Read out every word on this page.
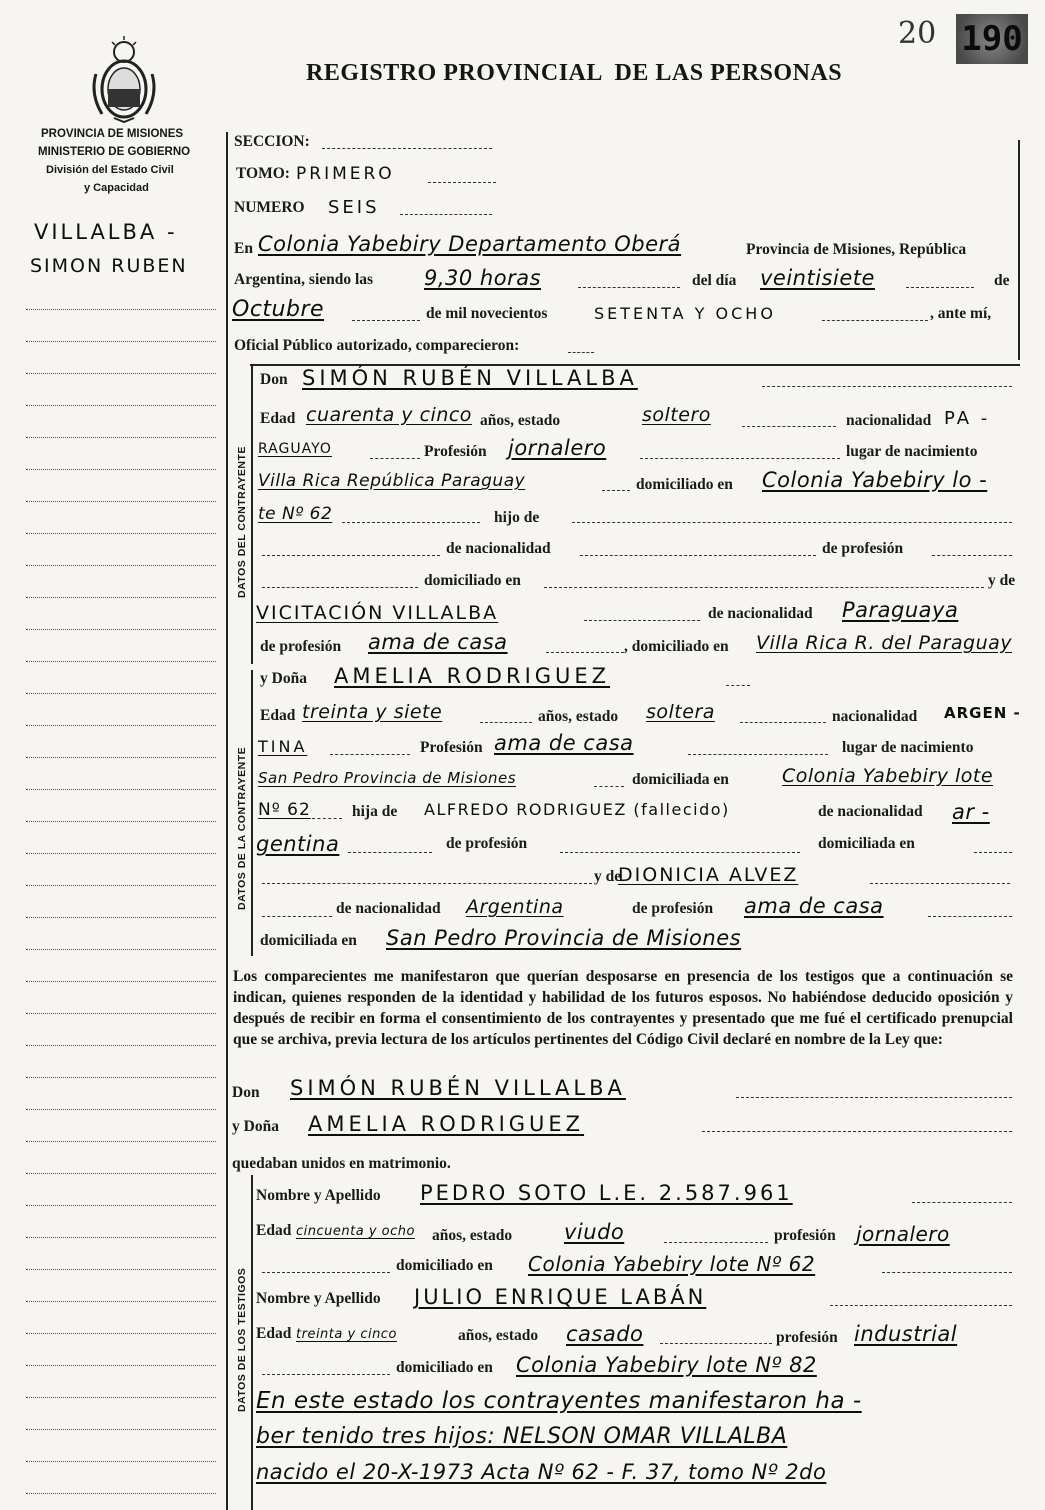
20 190
REGISTRO PROVINCIAL  DE LAS PERSONAS
PROVINCIA DE MISIONES
MINISTERIO DE GOBIERNO
División del Estado Civil
y Capacidad
VILLALBA -
SIMON RUBEN
SECCION:
TOMO: PRIMERO
NUMERO SEIS
En Colonia Yabebiry Departamento Oberá	Provincia de Misiones, República
Argentina, siendo las 9,30 horas	del día veintisiete	de
Octubre	de mil novecientos	SETENTA Y OCHO	, ante mí,
Oficial Público autorizado, comparecieron:
DATOS DEL CONTRAYENTE
Don SIMÓN RUBÉN VILLALBA
Edad cuarenta y cinco años, estado	soltero	nacionalidad PA -
RAGUAYO	Profesión jornalero	lugar de nacimiento
Villa Rica República Paraguay	domiciliado en Colonia Yabebiry lo -
te Nº 62	hijo de
de nacionalidad	de profesión
domiciliado en	y de
VICITACIÓN VILLALBA	de nacionalidad Paraguaya
de profesión ama de casa	, domiciliado en Villa Rica R. del Paraguay
DATOS DE LA CONTRAYENTE
y Doña AMELIA RODRIGUEZ
Edad treinta y siete	años, estado soltera	nacionalidad ARGEN -
TINA	Profesión ama de casa	lugar de nacimiento
San Pedro Provincia de Misiones	domiciliada en	Colonia Yabebiry lote
Nº 62	hija de ALFREDO RODRIGUEZ (fallecido)	de nacionalidad ar -
gentina	de profesión	domiciliada en
y de
DIONICIA ALVEZ
de nacionalidad Argentina	de profesión ama de casa
domiciliada en San Pedro Provincia de Misiones
Los comparecientes me manifestaron que querían desposarse en presencia de los testigos que a continuación se indican, quienes responden de la identidad y habilidad de los futuros esposos. No habiéndose deducido oposición y después de recibir en forma el consentimiento de los contrayentes y presentado que me fué el certificado prenupcial que se archiva, previa lectura de los artículos pertinentes del Código Civil declaré en nombre de la Ley que:
Don SIMÓN RUBÉN VILLALBA
y Doña AMELIA RODRIGUEZ
quedaban unidos en matrimonio.
DATOS DE LOS TESTIGOS
Nombre y Apellido PEDRO SOTO L.E. 2.587.961
Edad cincuenta y ocho años, estado viudo	profesión jornalero
domiciliado en Colonia Yabebiry lote Nº 62
Nombre y Apellido JULIO ENRIQUE LABÁN
Edad treinta y cinco	años, estado casado	profesión industrial
domiciliado en Colonia Yabebiry lote Nº 82
En este estado los contrayentes manifestaron ha -
ber tenido tres hijos: NELSON OMAR VILLALBA
nacido el 20-X-1973 Acta Nº 62 - F. 37, tomo Nº 2do
